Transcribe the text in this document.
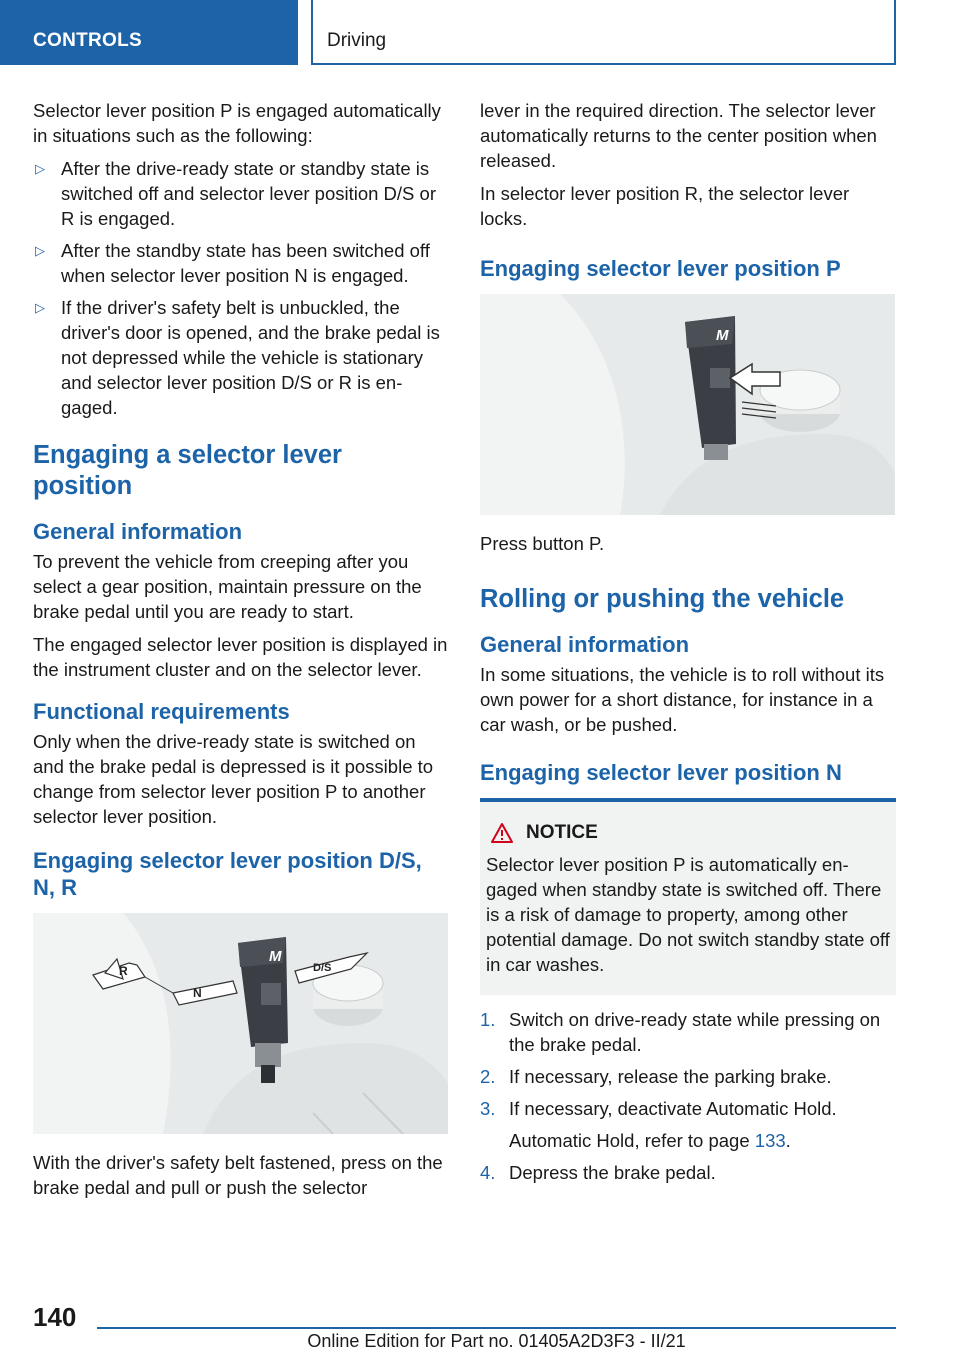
CONTROLS	Driving

Selector lever position P is engaged automatically in situations such as the following:

▷ After the drive-ready state or standby state is switched off and selector lever position D/S or R is engaged.
▷ After the standby state has been switched off when selector lever position N is engaged.
▷ If the driver's safety belt is unbuckled, the driver's door is opened, and the brake pedal is not depressed while the vehicle is stationary and selector lever position D/S or R is engaged.
Engaging a selector lever position
General information

To prevent the vehicle from creeping after you select a gear position, maintain pressure on the brake pedal until you are ready to start.

The engaged selector lever position is displayed in the instrument cluster and on the selector lever.

Functional requirements

Only when the drive-ready state is switched on and the brake pedal is depressed is it possible to change from selector lever position P to another selector lever position.

Engaging selector lever position D/S, N, R
M
R
N
D/S

With the driver's safety belt fastened, press on the brake pedal and pull or push the selector

lever in the required direction. The selector lever automatically returns to the center position when released.

In selector lever position R, the selector lever locks.

Engaging selector lever position P
M

Press button P.

Rolling or pushing the vehicle
General information

In some situations, the vehicle is to roll without its own power for a short distance, for instance in a car wash, or be pushed.

Engaging selector lever position N
NOTICE

Selector lever position P is automatically engaged when standby state is switched off. There is a risk of damage to property, among other potential damage. Do not switch standby state off in car washes.

1. Switch on drive-ready state while pressing on the brake pedal.
2. If necessary, release the parking brake.
3. If necessary, deactivate Automatic Hold.
Automatic Hold, refer to page 133.
4. Depress the brake pedal.
140
Online Edition for Part no. 01405A2D3F3 - II/21
